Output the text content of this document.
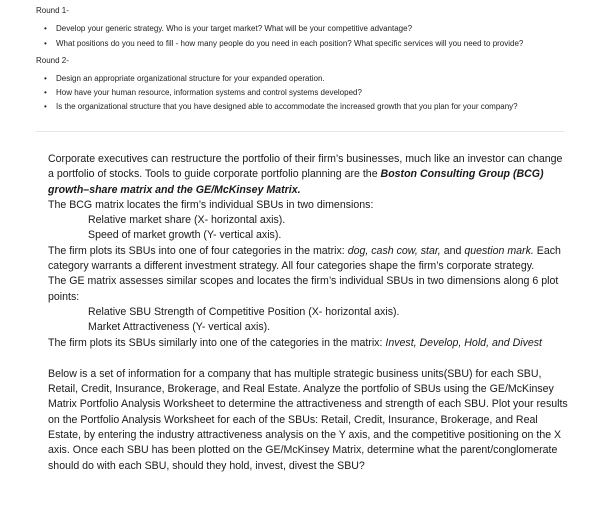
Round 1-
• Develop your generic strategy. Who is your target market? What will be your competitive advantage?
• What positions do you need to fill - how many people do you need in each position? What specific services will you need to provide?
Round 2-
• Design an appropriate organizational structure for your expanded operation.
• How have your human resource, information systems and control systems developed?
• Is the organizational structure that you have designed able to accommodate the increased growth that you plan for your company?

Corporate executives can restructure the portfolio of their firm’s businesses, much like an investor can change a portfolio of stocks. Tools to guide corporate portfolio planning are the Boston Consulting Group (BCG) growth–share matrix and the GE/McKinsey Matrix.

The BCG matrix locates the firm’s individual SBUs in two dimensions:

Relative market share (X- horizontal axis).

Speed of market growth (Y- vertical axis).

The firm plots its SBUs into one of four categories in the matrix: dog, cash cow, star, and question mark. Each category warrants a different investment strategy. All four categories shape the firm’s corporate strategy.

The GE matrix assesses similar scopes and locates the firm’s individual SBUs in two dimensions along 6 plot points:

Relative SBU Strength of Competitive Position (X- horizontal axis).

Market Attractiveness (Y- vertical axis).

The firm plots its SBUs similarly into one of the categories in the matrix: Invest, Develop, Hold, and Divest

Below is a set of information for a company that has multiple strategic business units(SBU) for each SBU, Retail, Credit, Insurance, Brokerage, and Real Estate. Analyze the portfolio of SBUs using the GE/McKinsey Matrix Portfolio Analysis Worksheet to determine the attractiveness and strength of each SBU. Plot your results on the Portfolio Analysis Worksheet for each of the SBUs: Retail, Credit, Insurance, Brokerage, and Real Estate, by entering the industry attractiveness analysis on the Y axis, and the competitive positioning on the X axis. Once each SBU has been plotted on the GE/McKinsey Matrix, determine what the parent/conglomerate should do with each SBU, should they hold, invest, divest the SBU?
